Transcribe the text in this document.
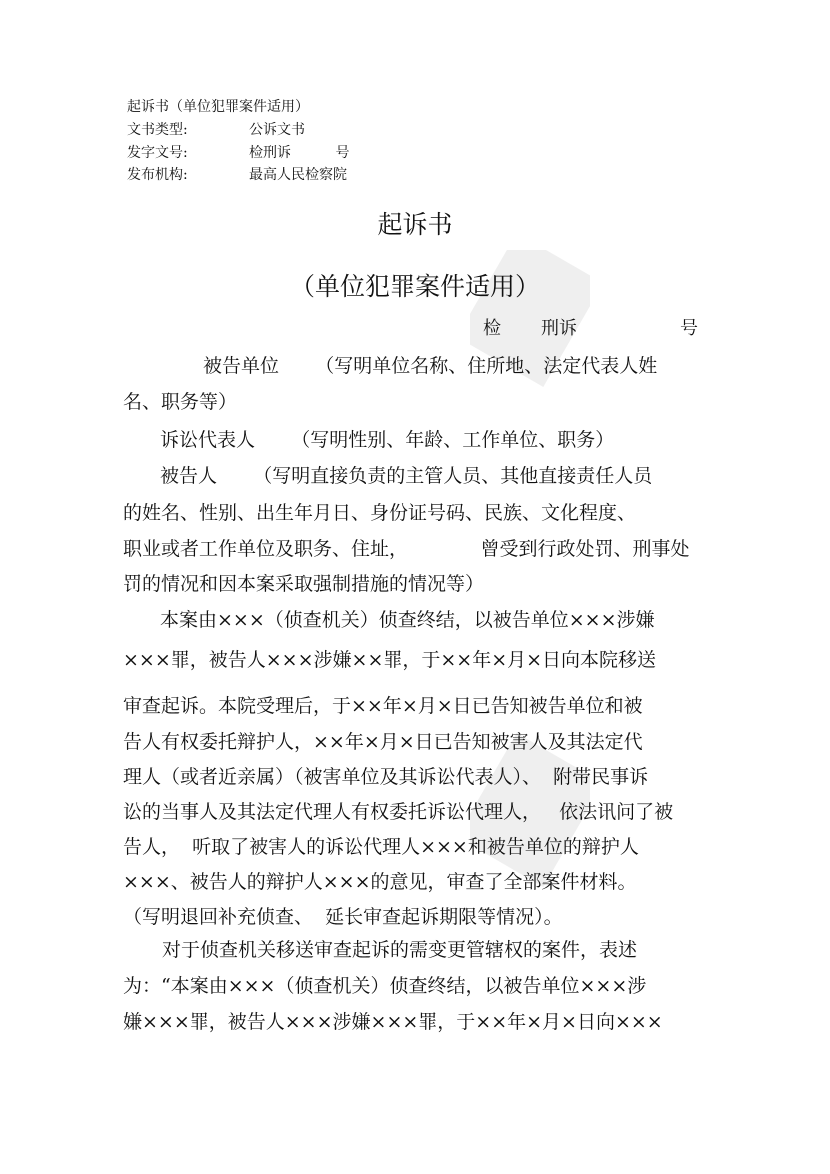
起诉书（单位犯罪案件适用）
文书类型:	公诉文书
发字文号:	检刑诉          号
发布机构:	最高人民检察院
起诉书
（单位犯罪案件适用）
检       刑诉                  号
被告单位      （写明单位名称、住所地、法定代表人姓
名、职务等）
诉讼代表人      （写明性别、年龄、工作单位、职务）
被告人      （写明直接负责的主管人员、其他直接责任人员
的姓名、性别、出生年月日、身份证号码、民族、文化程度、
职业或者工作单位及职务、住址，            曾受到行政处罚、刑事处
罚的情况和因本案采取强制措施的情况等）
本案由×××（侦查机关）侦查终结，以被告单位×××涉嫌
×××罪，被告人×××涉嫌××罪，于××年×月×日向本院移送
审查起诉。本院受理后，于××年×月×日已告知被告单位和被
告人有权委托辩护人，××年×月×日已告知被害人及其法定代
理人（或者近亲属）（被害单位及其诉讼代表人）、  附带民事诉
讼的当事人及其法定代理人有权委托诉讼代理人，   依法讯问了被
告人，  听取了被害人的诉讼代理人×××和被告单位的辩护人
×××、被告人的辩护人×××的意见，审查了全部案件材料。
（写明退回补充侦查、  延长审查起诉期限等情况）。
对于侦查机关移送审查起诉的需变更管辖权的案件，表述
为：“本案由×××（侦查机关）侦查终结，以被告单位×××涉
嫌×××罪，被告人×××涉嫌×××罪，于××年×月×日向×××
